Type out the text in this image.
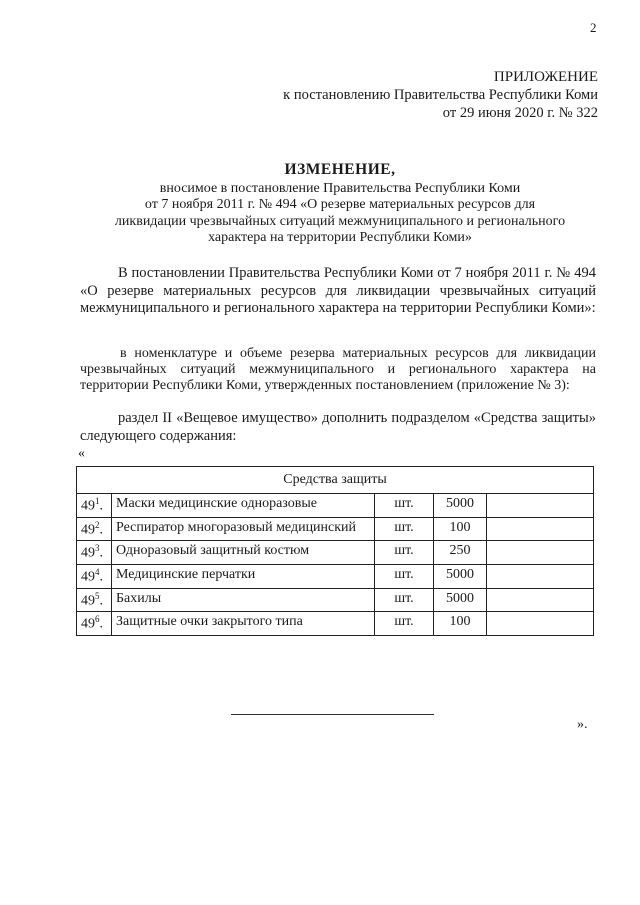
2
ПРИЛОЖЕНИЕ
к постановлению Правительства Республики Коми
от 29 июня 2020 г. № 322
ИЗМЕНЕНИЕ,
вносимое в постановление Правительства Республики Коми
от 7 ноября 2011 г. № 494 «О резерве материальных ресурсов для
ликвидации чрезвычайных ситуаций межмуниципального и регионального
характера на территории Республики Коми»
В постановлении Правительства Республики Коми от 7 ноября 2011 г. № 494 «О резерве материальных ресурсов для ликвидации чрезвычайных ситуаций межмуниципального и регионального характера на территории Республики Коми»:
в номенклатуре и объеме резерва материальных ресурсов для ликвидации чрезвычайных ситуаций межмуниципального и регионального характера на территории Республики Коми, утвержденных постановлением (приложение № 3):
раздел II «Вещевое имущество» дополнить подразделом «Средства защиты» следующего содержания:
«
Средства защиты				
$49^1$.	Маски медицинские одноразовые	шт.	5000	
$49^2$.	Респиратор многоразовый медицинский	шт.	100	
$49^3$.	Одноразовый защитный костюм	шт.	250	
$49^4$.	Медицинские перчатки	шт.	5000	
$49^5$.	Бахилы	шт.	5000	
$49^6$.	Защитные очки закрытого типа	шт.	100	
».
